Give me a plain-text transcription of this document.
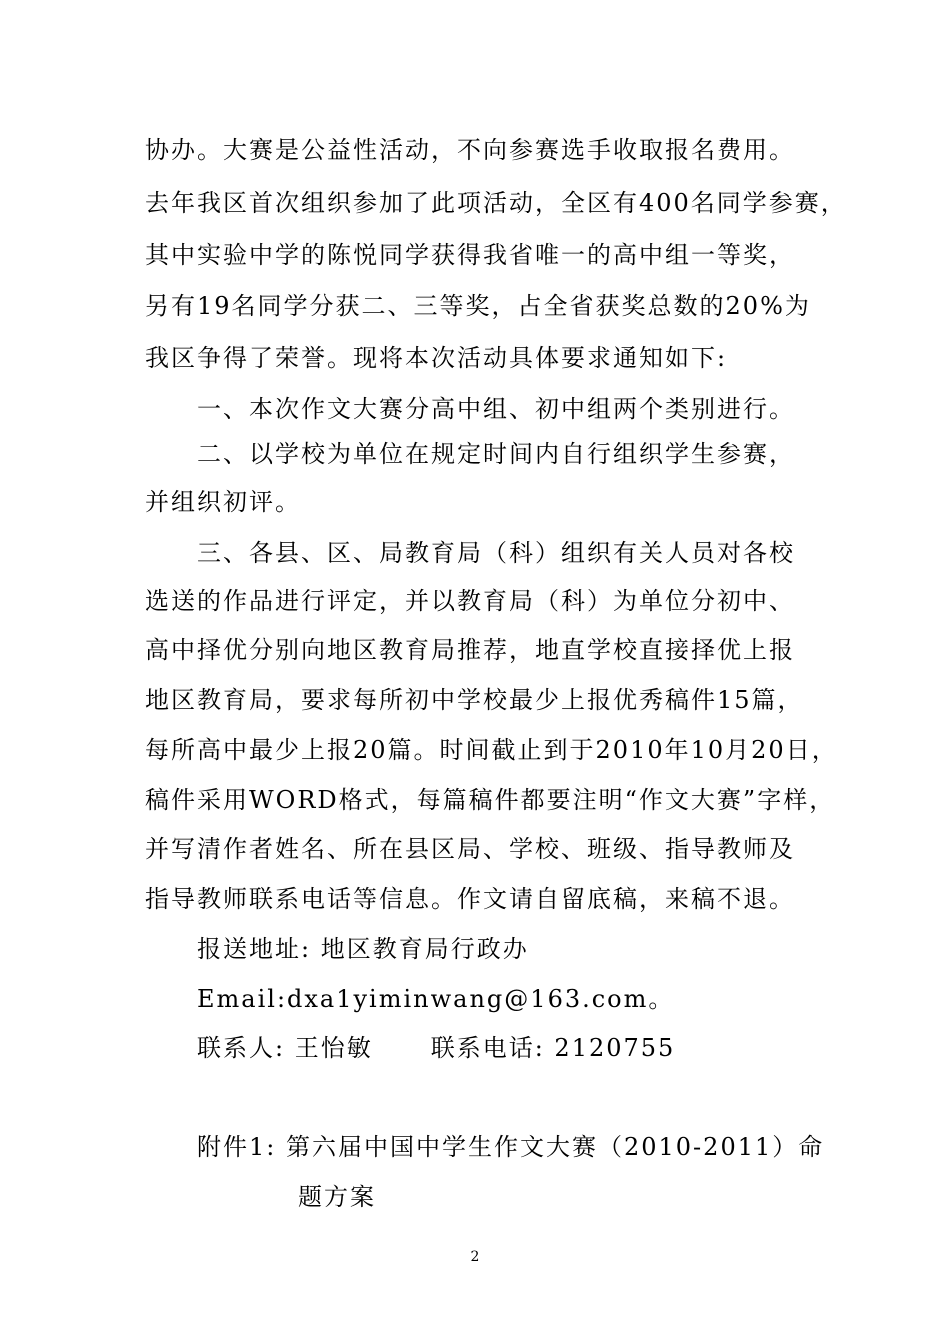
协办。大赛是公益性活动，不向参赛选手收取报名费用。
去年我区首次组织参加了此项活动，全区有400名同学参赛，
其中实验中学的陈悦同学获得我省唯一的高中组一等奖，
另有19名同学分获二、三等奖，占全省获奖总数的20%为
我区争得了荣誉。现将本次活动具体要求通知如下:
一、本次作文大赛分高中组、初中组两个类别进行。
二、以学校为单位在规定时间内自行组织学生参赛，
并组织初评。
三、各县、区、局教育局（科）组织有关人员对各校
选送的作品进行评定，并以教育局（科）为单位分初中、
高中择优分别向地区教育局推荐，地直学校直接择优上报
地区教育局，要求每所初中学校最少上报优秀稿件15篇，
每所高中最少上报20篇。时间截止到于2010年10月20日，
稿件采用WORD格式，每篇稿件都要注明“作文大赛”字样，
并写清作者姓名、所在县区局、学校、班级、指导教师及
指导教师联系电话等信息。作文请自留底稿，来稿不退。
报送地址: 地区教育局行政办
Email:dxa1yiminwang@163.com。
联系人: 王怡敏 联系电话: 2120755
附件1: 第六届中国中学生作文大赛（2010-2011）命
题方案
2
